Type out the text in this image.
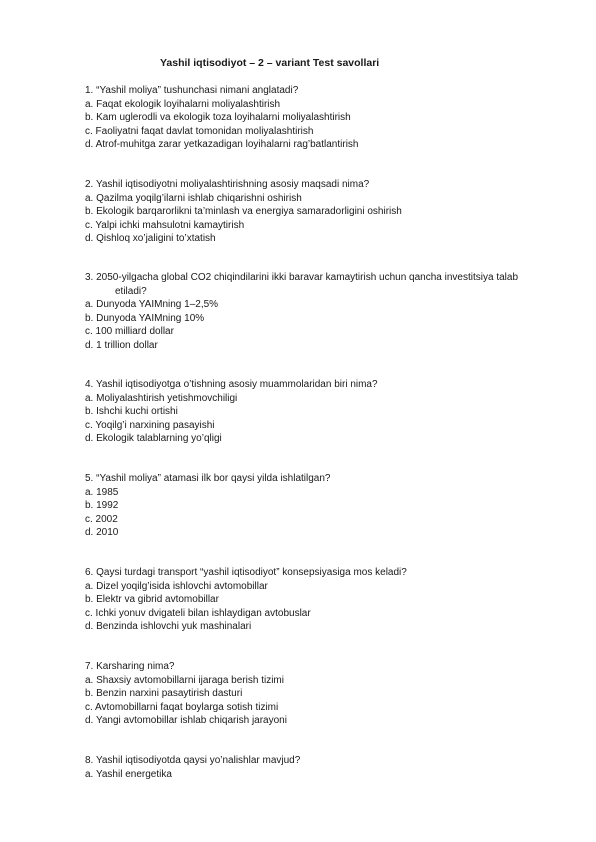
Yashil iqtisodiyot – 2 – variant Test savollari

1. “Yashil moliya” tushunchasi nimani anglatadi?

a. Faqat ekologik loyihalarni moliyalashtirish

b. Kam uglerodli va ekologik toza loyihalarni moliyalashtirish

c. Faoliyatni faqat davlat tomonidan moliyalashtirish

d. Atrof-muhitga zarar yetkazadigan loyihalarni rag’batlantirish

2. Yashil iqtisodiyotni moliyalashtirishning asosiy maqsadi nima?

a. Qazilma yoqilg’ilarni ishlab chiqarishni oshirish

b. Ekologik barqarorlikni ta’minlash va energiya samaradorligini oshirish

c. Yalpi ichki mahsulotni kamaytirish

d. Qishloq xo’jaligini to’xtatish

3. 2050-yilgacha global CO2 chiqindilarini ikki baravar kamaytirish uchun qancha investitsiya talab

etiladi?

a. Dunyoda YAIMning 1–2,5%

b. Dunyoda YAIMning 10%

c. 100 milliard dollar

d. 1 trillion dollar

4. Yashil iqtisodiyotga o’tishning asosiy muammolaridan biri nima?

a. Moliyalashtirish yetishmovchiligi

b. Ishchi kuchi ortishi

c. Yoqilg’i narxining pasayishi

d. Ekologik talablarning yo’qligi

5. “Yashil moliya” atamasi ilk bor qaysi yilda ishlatilgan?

a. 1985

b. 1992

c. 2002

d. 2010

6. Qaysi turdagi transport “yashil iqtisodiyot” konsepsiyasiga mos keladi?

a. Dizel yoqilg’isida ishlovchi avtomobillar

b. Elektr va gibrid avtomobillar

c. Ichki yonuv dvigateli bilan ishlaydigan avtobuslar

d. Benzinda ishlovchi yuk mashinalari

7. Karsharing nima?

a. Shaxsiy avtomobillarni ijaraga berish tizimi

b. Benzin narxini pasaytirish dasturi

c. Avtomobillarni faqat boylarga sotish tizimi

d. Yangi avtomobillar ishlab chiqarish jarayoni

8. Yashil iqtisodiyotda qaysi yo’nalishlar mavjud?

a. Yashil energetika
